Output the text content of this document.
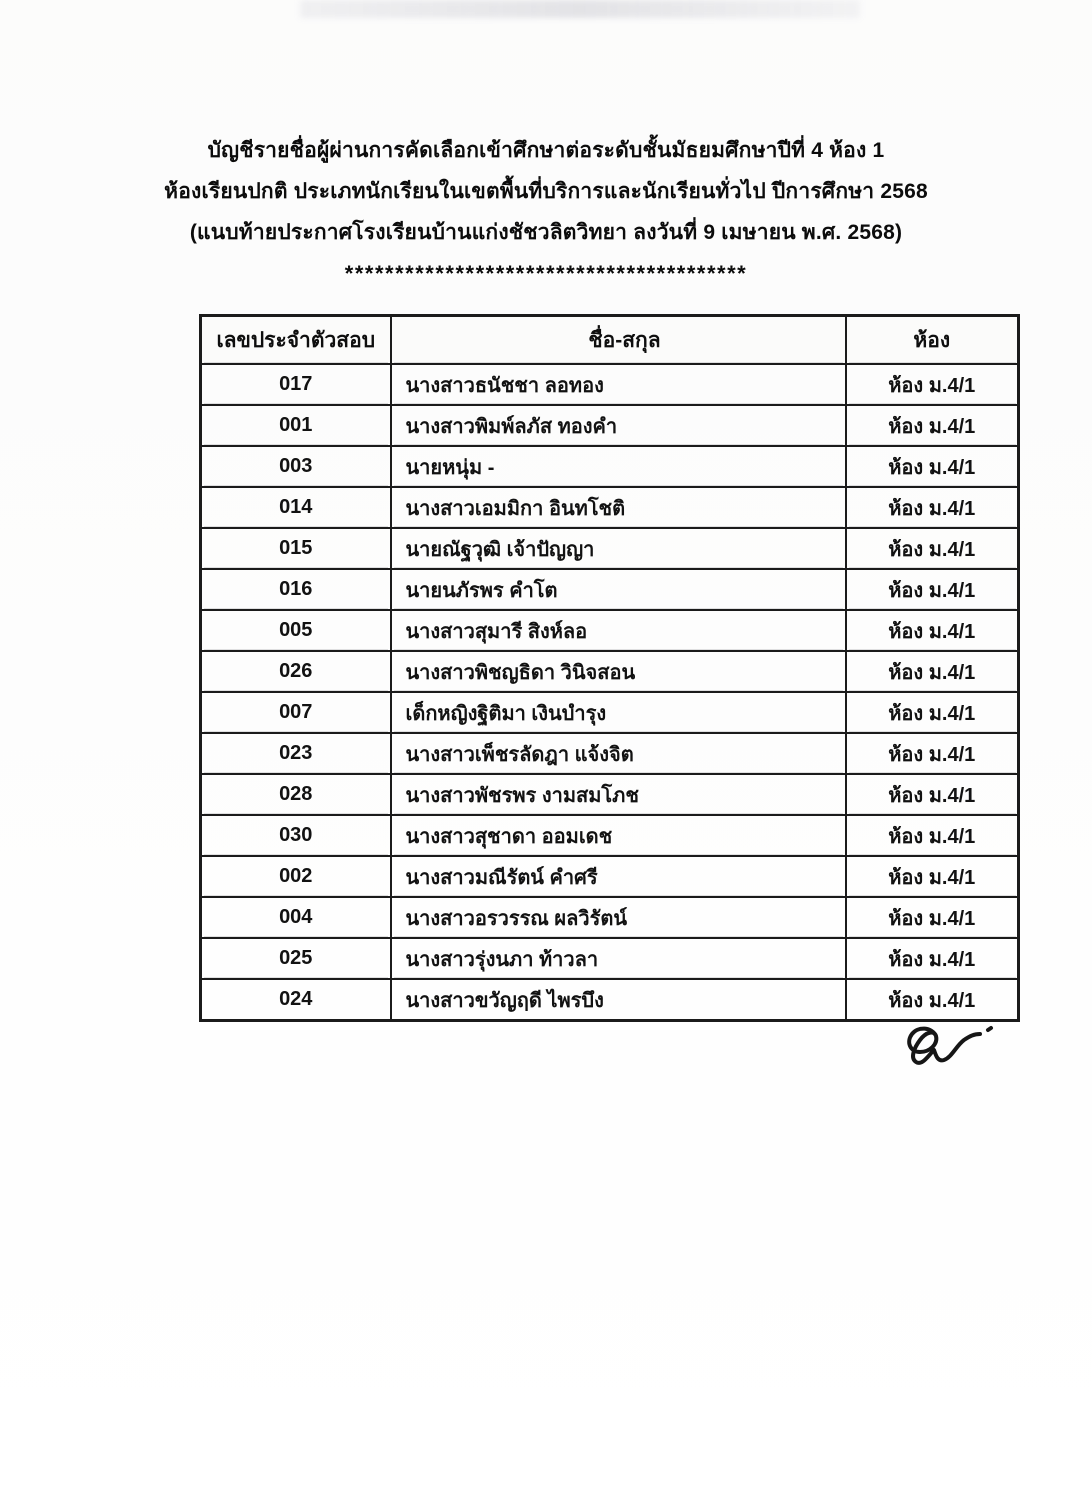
บัญชีรายชื่อผู้ผ่านการคัดเลือกเข้าศึกษาต่อระดับชั้นมัธยมศึกษาปีที่ 4 ห้อง 1
ห้องเรียนปกติ ประเภทนักเรียนในเขตพื้นที่บริการและนักเรียนทั่วไป ปีการศึกษา 2568
(แนบท้ายประกาศโรงเรียนบ้านแก่งชัชวลิตวิทยา ลงวันที่ 9 เมษายน พ.ศ. 2568)
****************************************
เลขประจำตัวสอบ	ชื่อ-สกุล	ห้อง
017	นางสาวธนัชชา ลอทอง	ห้อง ม.4/1
001	นางสาวพิมพ์ลภัส ทองคำ	ห้อง ม.4/1
003	นายหนุ่ม -	ห้อง ม.4/1
014	นางสาวเอมมิกา อินทโชติ	ห้อง ม.4/1
015	นายณัฐวุฒิ เจ้าปัญญา	ห้อง ม.4/1
016	นายนภัรพร คำโต	ห้อง ม.4/1
005	นางสาวสุมารี สิงห์ลอ	ห้อง ม.4/1
026	นางสาวพิชญธิดา วินิจสอน	ห้อง ม.4/1
007	เด็กหญิงฐิติมา เงินบำรุง	ห้อง ม.4/1
023	นางสาวเพ็ชรลัดฎา แจ้งจิต	ห้อง ม.4/1
028	นางสาวพัชรพร งามสมโภช	ห้อง ม.4/1
030	นางสาวสุชาดา ออมเดช	ห้อง ม.4/1
002	นางสาวมณีรัตน์ คำศรี	ห้อง ม.4/1
004	นางสาวอรวรรณ ผลวิรัตน์	ห้อง ม.4/1
025	นางสาวรุ่งนภา ท้าวลา	ห้อง ม.4/1
024	นางสาวขวัญฤดี ไพรบึง	ห้อง ม.4/1
